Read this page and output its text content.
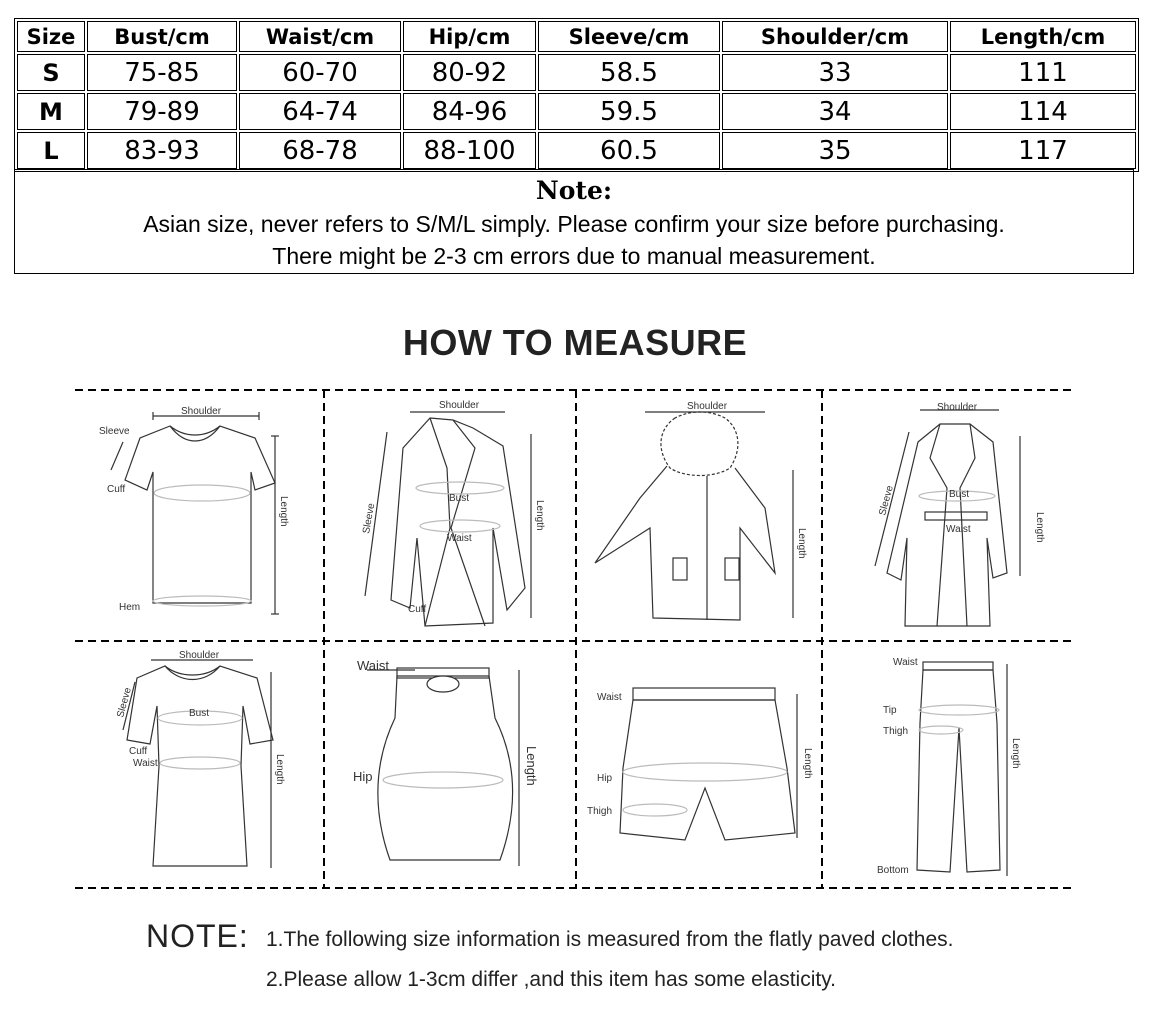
Size	Bust/cm	Waist/cm	Hip/cm	Sleeve/cm	Shoulder/cm	Length/cm
S	75-85	60-70	80-92	58.5	33	111
M	79-89	64-74	84-96	59.5	34	114
L	83-93	68-78	88-100	60.5	35	117
Note:
Asian size, never refers to S/M/L simply. Please confirm your size before purchasing.
There might be 2-3 cm errors due to manual measurement.
HOW TO MEASURE
Shoulder
Sleeve
Cuff
Hem
Length
Shoulder
Bust
Waist
Cuff
Sleeve	Length
Shoulder
Length
Shoulder
Bust
Waist
Sleeve
Length
Shoulder
Bust
Cuff
Waist
Sleeve
Length
Waist
Hip	Length
Waist
Hip
Thigh
Length
Waist
Tip
Thigh
Bottom
Length
NOTE: 1.The following size information is measured from the flatly paved clothes.
2.Please allow 1-3cm differ ,and this item has some elasticity.
